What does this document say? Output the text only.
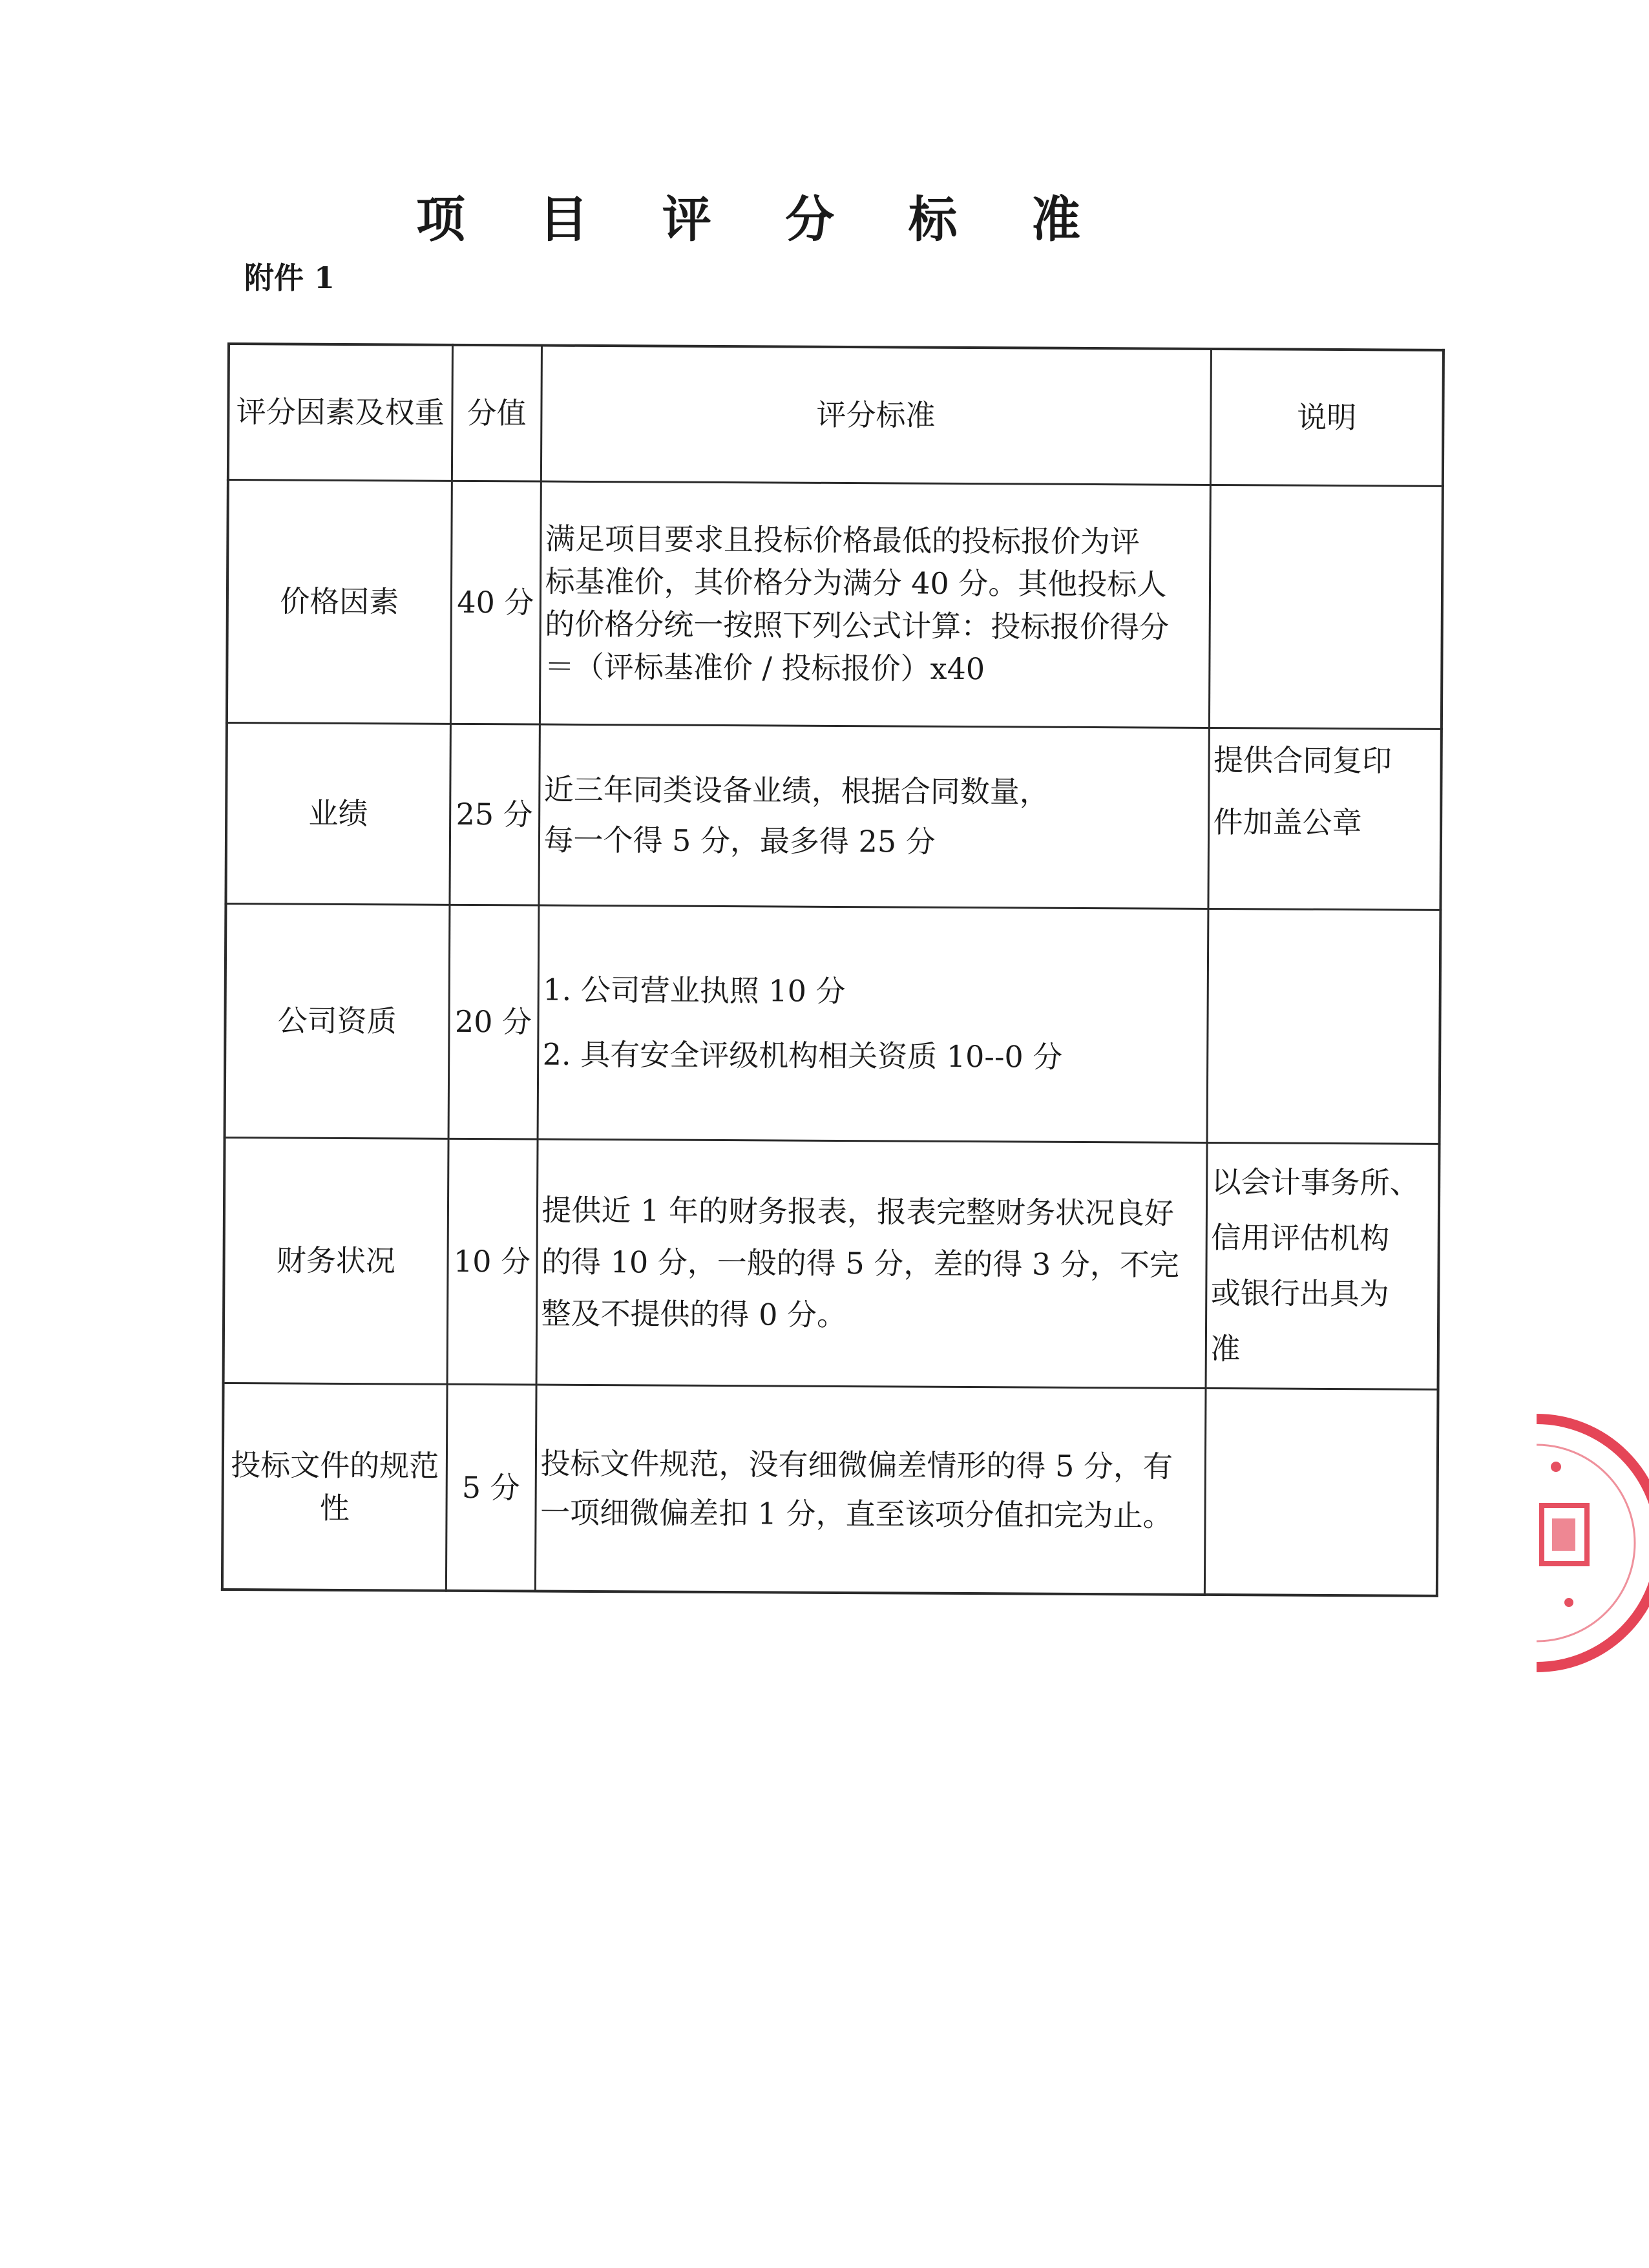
项 目 评 分 标 准
附件 1
评分因素及权重	分值	评分标准	说明
价格因素	40 分	满足项目要求且投标价格最低的投标报价为评
标基准价，其价格分为满分 40 分。其他投标人
的价格分统一按照下列公式计算：投标报价得分
＝（评标基准价 / 投标报价）x40	

业绩	25 分	近三年同类设备业绩，根据合同数量，
每一个得 5 分，最多得 25 分	提供合同复印
件加盖公章

公司资质	20 分	1. 公司营业执照 10 分
2. 具有安全评级机构相关资质 10--0 分	

财务状况	10 分	提供近 1 年的财务报表，报表完整财务状况良好
的得 10 分，一般的得 5 分，差的得 3 分，不完
整及不提供的得 0 分。	以会计事务所、
信用评估机构
或银行出具为
准

投标文件的规范性	5 分	投标文件规范，没有细微偏差情形的得 5 分，有
一项细微偏差扣 1 分，直至该项分值扣完为止。	
